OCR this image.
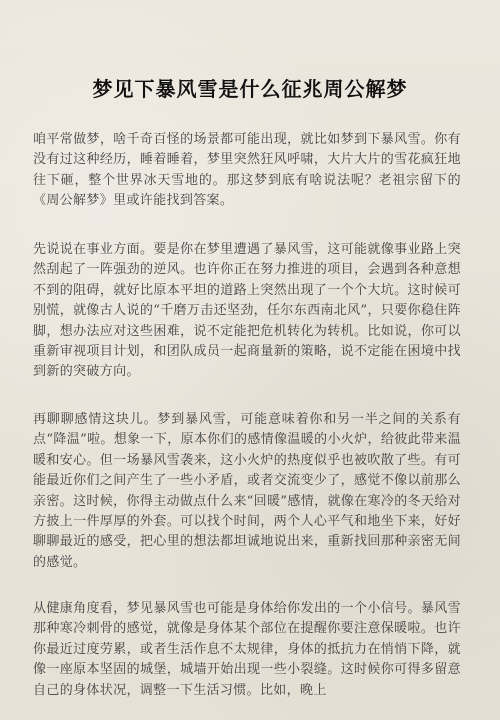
梦见下暴风雪是什么征兆周公解梦

咱平常做梦，啥千奇百怪的场景都可能出现，就比如梦到下暴风雪。你有没有过这种经历，睡着睡着，梦里突然狂风呼啸，大片大片的雪花疯狂地往下砸，整个世界冰天雪地的。那这梦到底有啥说法呢？老祖宗留下的《周公解梦》里或许能找到答案。

先说说在事业方面。要是你在梦里遭遇了暴风雪，这可能就像事业路上突然刮起了一阵强劲的逆风。也许你正在努力推进的项目，会遇到各种意想不到的阻碍，就好比原本平坦的道路上突然出现了一个个大坑。这时候可别慌，就像古人说的“千磨万击还坚劲，任尔东西南北风”，只要你稳住阵脚，想办法应对这些困难，说不定能把危机转化为转机。比如说，你可以重新审视项目计划，和团队成员一起商量新的策略，说不定能在困境中找到新的突破方向。

再聊聊感情这块儿。梦到暴风雪，可能意味着你和另一半之间的关系有点“降温”啦。想象一下，原本你们的感情像温暖的小火炉，给彼此带来温暖和安心。但一场暴风雪袭来，这小火炉的热度似乎也被吹散了些。有可能最近你们之间产生了一些小矛盾，或者交流变少了，感觉不像以前那么亲密。这时候，你得主动做点什么来“回暖”感情，就像在寒冷的冬天给对方披上一件厚厚的外套。可以找个时间，两个人心平气和地坐下来，好好聊聊最近的感受，把心里的想法都坦诚地说出来，重新找回那种亲密无间的感觉。

从健康角度看，梦见暴风雪也可能是身体给你发出的一个小信号。暴风雪那种寒冷刺骨的感觉，就像是身体某个部位在提醒你要注意保暖啦。也许你最近过度劳累，或者生活作息不太规律，身体的抵抗力在悄悄下降，就像一座原本坚固的城堡，城墙开始出现一些小裂缝。这时候你可得多留意自己的身体状况，调整一下生活习惯。比如，晚上
